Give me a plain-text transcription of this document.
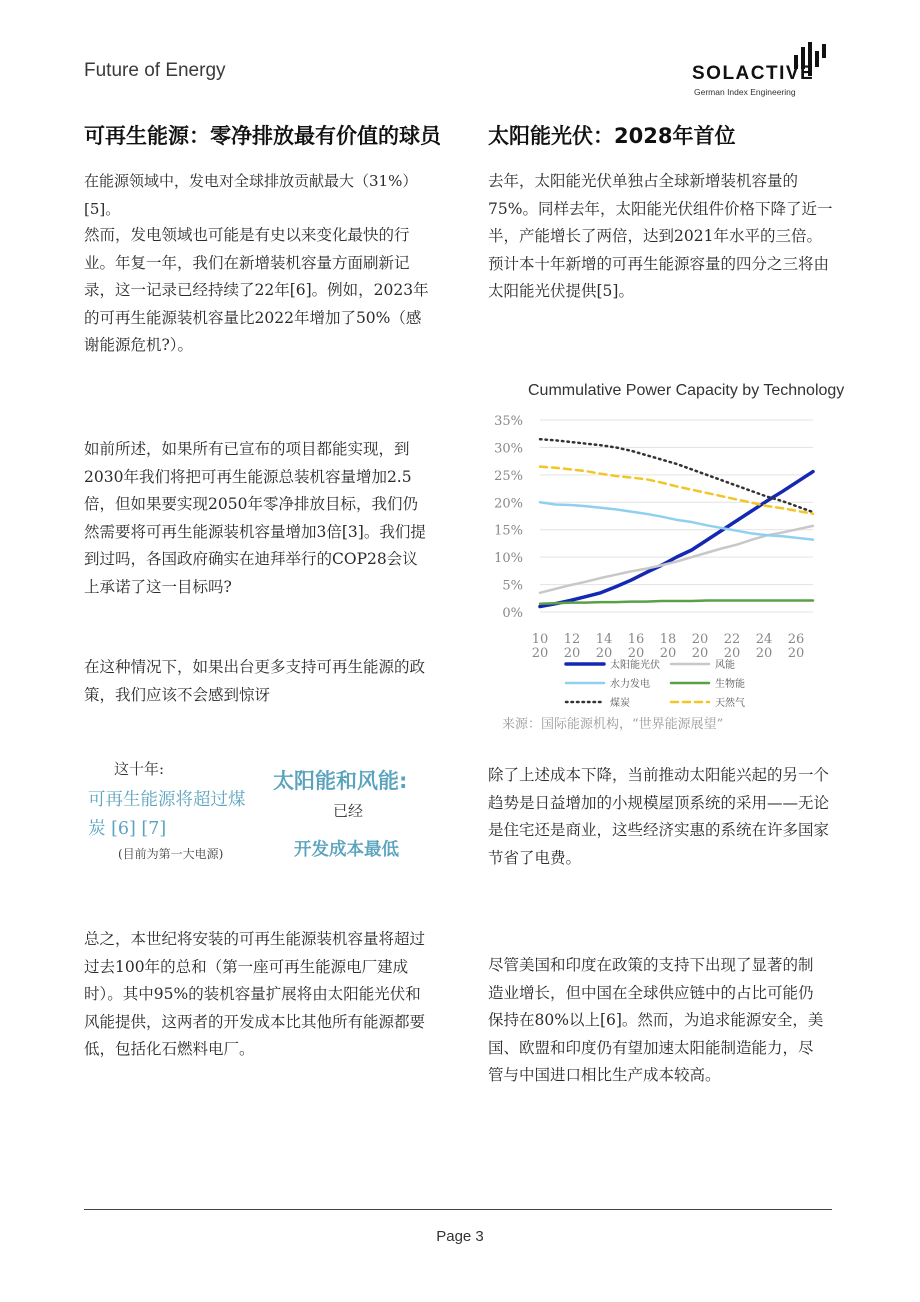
Future of Energy	SOLACTIVE
German Index Engineering
可再生能源：零净排放最有价值的球员 太阳能光伏：2028年首位
在能源领域中，发电对全球排放贡献最大（31%）[5]。
然而，发电领域也可能是有史以来变化最快的行业。年复一年，我们在新增装机容量方面刷新记录，这一记录已经持续了22年[6]。例如，2023年的可再生能源装机容量比2022年增加了50%（感谢能源危机?）。
如前所述，如果所有已宣布的项目都能实现，到2030年我们将把可再生能源总装机容量增加2.5倍，但如果要实现2050年零净排放目标，我们仍然需要将可再生能源装机容量增加3倍[3]。我们提到过吗，各国政府确实在迪拜举行的COP28会议上承诺了这一目标吗?
在这种情况下，如果出台更多支持可再生能源的政策，我们应该不会感到惊讶
这十年:
可再生能源将超过煤炭 [6] [7]
(目前为第一大电源)
太阳能和风能:
已经
开发成本最低
总之，本世纪将安装的可再生能源装机容量将超过过去100年的总和（第一座可再生能源电厂建成时）。其中95%的装机容量扩展将由太阳能光伏和风能提供，这两者的开发成本比其他所有能源都要低，包括化石燃料电厂。
去年，太阳能光伏单独占全球新增装机容量的75%。同样去年，太阳能光伏组件价格下降了近一半，产能增长了两倍，达到2021年水平的三倍。预计本十年新增的可再生能源容量的四分之三将由太阳能光伏提供[5]。
Cummulative Power Capacity by Technology
0%
5%
10%
15%
20%
25%
30%
35%
10
20
12
20
14
20
16
20
18
20
20
20
22
20
24
20
26
20
太阳能光伏	风能
水力发电	生物能
煤炭	天然气
来源：国际能源机构，“世界能源展望”
除了上述成本下降，当前推动太阳能兴起的另一个趋势是日益增加的小规模屋顶系统的采用——无论是住宅还是商业，这些经济实惠的系统在许多国家节省了电费。
尽管美国和印度在政策的支持下出现了显著的制造业增长，但中国在全球供应链中的占比可能仍保持在80%以上[6]。然而，为追求能源安全，美国、欧盟和印度仍有望加速太阳能制造能力，尽管与中国进口相比生产成本较高。
Page 3
